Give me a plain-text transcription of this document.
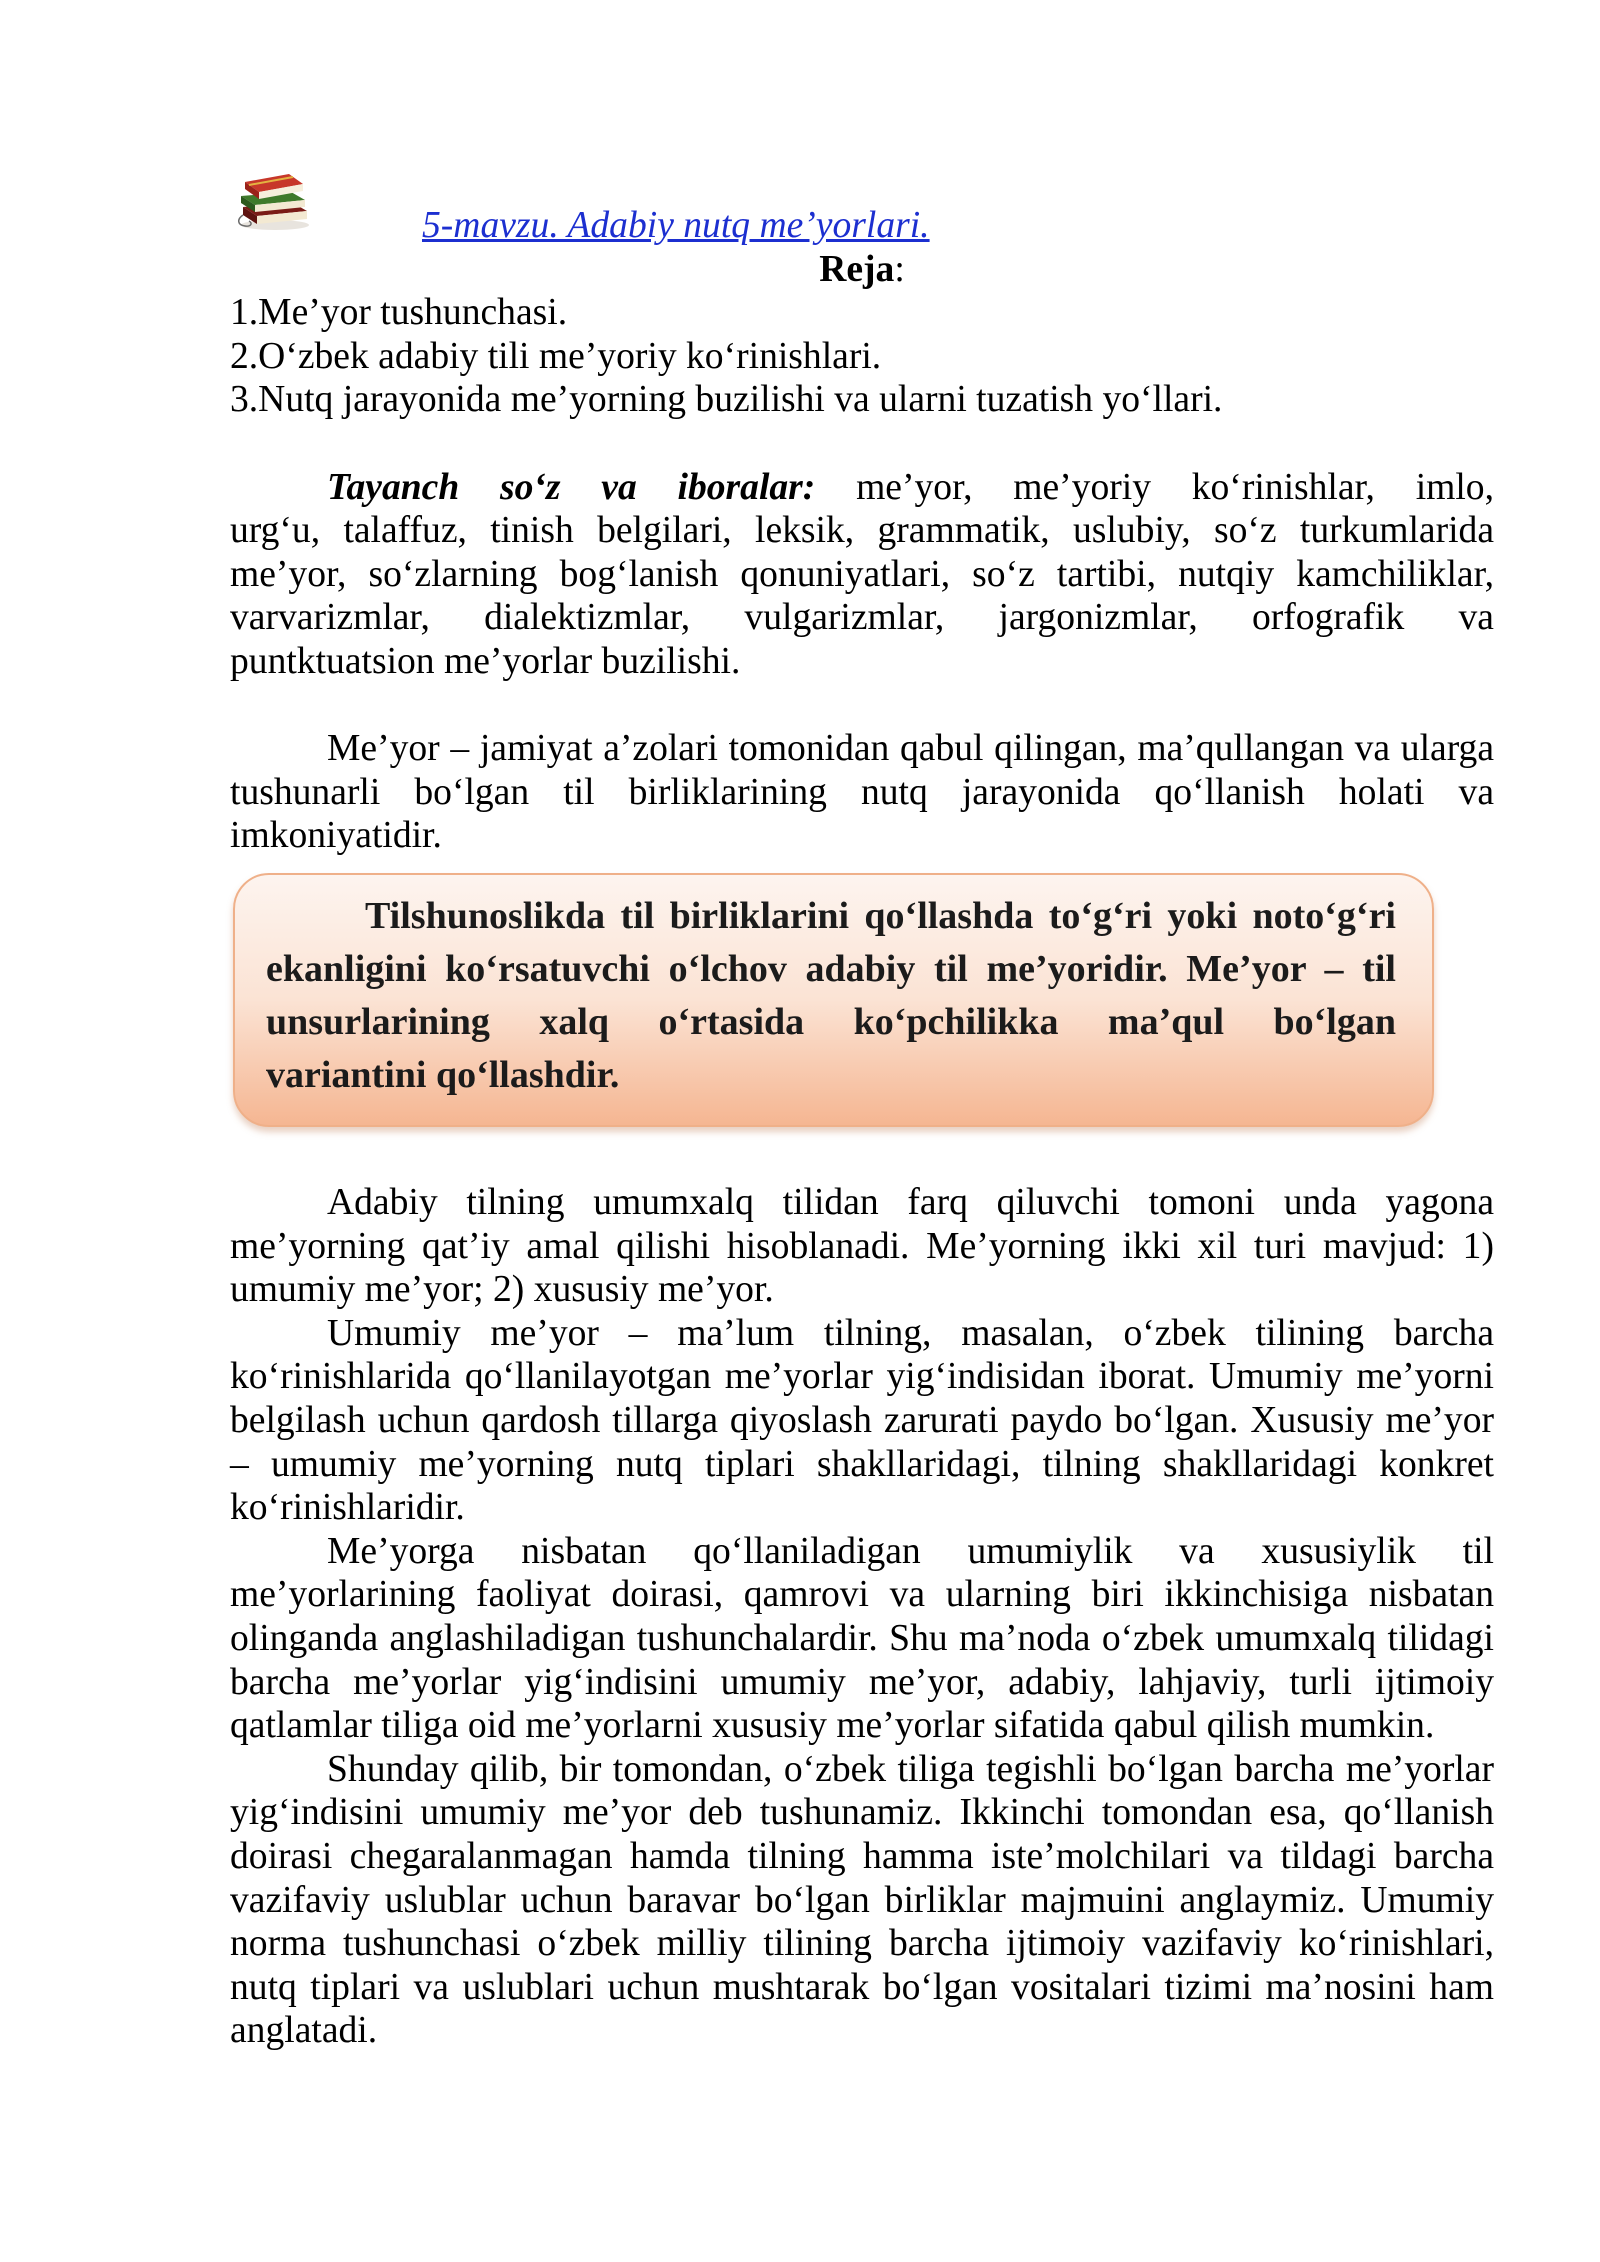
5-mavzu. Adabiy nutq me’yorlari.
Reja:
1.Me’yor tushunchasi.
2.O‘zbek adabiy tili me’yoriy ko‘rinishlari.
3.Nutq jarayonida me’yorning buzilishi va ularni tuzatish yo‘llari.
Tayanch so‘z va iboralar: me’yor, me’yoriy ko‘rinishlar, imlo,
urg‘u, talaffuz, tinish belgilari, leksik, grammatik, uslubiy, so‘z turkumlarida
me’yor, so‘zlarning bog‘lanish qonuniyatlari, so‘z tartibi, nutqiy kamchiliklar,
varvarizmlar, dialektizmlar, vulgarizmlar, jargonizmlar, orfografik va
puntktuatsion me’yorlar buzilishi.
Me’yor – jamiyat a’zolari tomonidan qabul qilingan, ma’qullangan va ularga
tushunarli bo‘lgan til birliklarining nutq jarayonida qo‘llanish holati va
imkoniyatidir.
Tilshunoslikda til birliklarini qo‘llashda to‘g‘ri yoki noto‘g‘ri
ekanligini ko‘rsatuvchi o‘lchov adabiy til me’yoridir. Me’yor – til
unsurlarining xalq o‘rtasida ko‘pchilikka ma’qul bo‘lgan
variantini qo‘llashdir.
Adabiy tilning umumxalq tilidan farq qiluvchi tomoni unda yagona
me’yorning qat’iy amal qilishi hisoblanadi. Me’yorning ikki xil turi mavjud: 1)
umumiy me’yor; 2) xususiy me’yor.
Umumiy me’yor – ma’lum tilning, masalan, o‘zbek tilining barcha
ko‘rinishlarida qo‘llanilayotgan me’yorlar yig‘indisidan iborat. Umumiy me’yorni
belgilash uchun qardosh tillarga qiyoslash zarurati paydo bo‘lgan. Xususiy me’yor
– umumiy me’yorning nutq tiplari shakllaridagi, tilning shakllaridagi konkret
ko‘rinishlaridir.
Me’yorga nisbatan qo‘llaniladigan umumiylik va xususiylik til
me’yorlarining faoliyat doirasi, qamrovi va ularning biri ikkinchisiga nisbatan
olinganda anglashiladigan tushunchalardir. Shu ma’noda o‘zbek umumxalq tilidagi
barcha me’yorlar yig‘indisini umumiy me’yor, adabiy, lahjaviy, turli ijtimoiy
qatlamlar tiliga oid me’yorlarni xususiy me’yorlar sifatida qabul qilish mumkin.
Shunday qilib, bir tomondan, o‘zbek tiliga tegishli bo‘lgan barcha me’yorlar
yig‘indisini umumiy me’yor deb tushunamiz. Ikkinchi tomondan esa, qo‘llanish
doirasi chegaralanmagan hamda tilning hamma iste’molchilari va tildagi barcha
vazifaviy uslublar uchun baravar bo‘lgan birliklar majmuini anglaymiz. Umumiy
norma tushunchasi o‘zbek milliy tilining barcha ijtimoiy vazifaviy ko‘rinishlari,
nutq tiplari va uslublari uchun mushtarak bo‘lgan vositalari tizimi ma’nosini ham
anglatadi.
